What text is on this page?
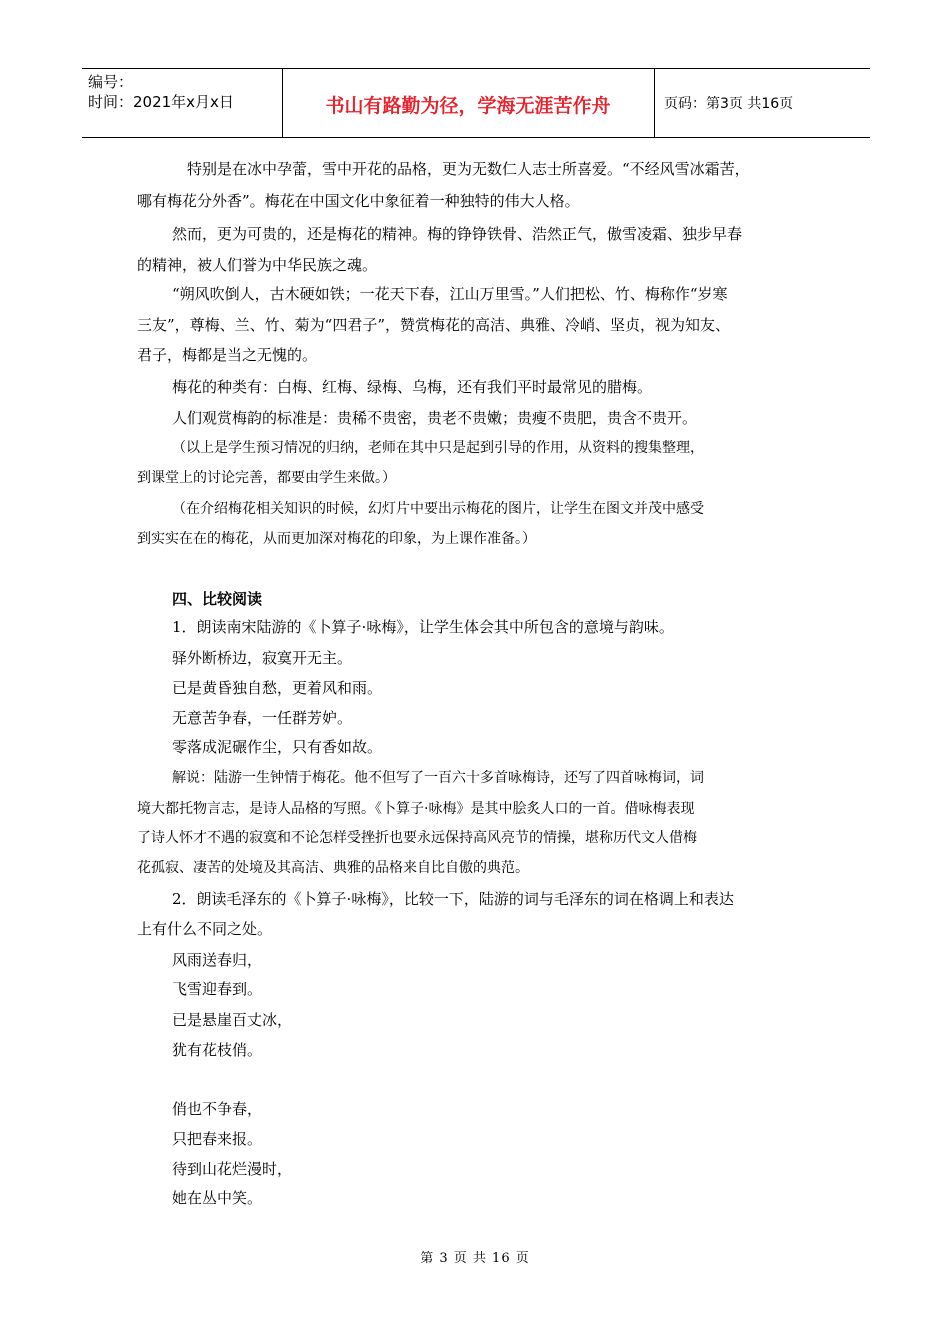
编号：
时间：2021年x月x日	书山有路勤为径，学海无涯苦作舟	页码：第3页 共16页
特别是在冰中孕蕾，雪中开花的品格，更为无数仁人志士所喜爱。“不经风雪冰霜苦，
哪有梅花分外香”。梅花在中国文化中象征着一种独特的伟大人格。
然而，更为可贵的，还是梅花的精神。梅的铮铮铁骨、浩然正气，傲雪凌霜、独步早春
的精神，被人们誉为中华民族之魂。
“朔风吹倒人，古木硬如铁；一花天下春，江山万里雪。”人们把松、竹、梅称作“岁寒
三友”，尊梅、兰、竹、菊为“四君子”，赞赏梅花的高洁、典雅、冷峭、坚贞，视为知友、
君子，梅都是当之无愧的。
梅花的种类有：白梅、红梅、绿梅、乌梅，还有我们平时最常见的腊梅。
人们观赏梅韵的标准是：贵稀不贵密，贵老不贵嫩；贵瘦不贵肥，贵含不贵开。
（以上是学生预习情况的归纳，老师在其中只是起到引导的作用，从资料的搜集整理，
到课堂上的讨论完善，都要由学生来做。）
（在介绍梅花相关知识的时候，幻灯片中要出示梅花的图片，让学生在图文并茂中感受
到实实在在的梅花，从而更加深对梅花的印象，为上课作准备。）
四、比较阅读
1．朗读南宋陆游的《卜算子·咏梅》，让学生体会其中所包含的意境与韵味。
驿外断桥边，寂寞开无主。
已是黄昏独自愁，更着风和雨。
无意苦争春，一任群芳妒。
零落成泥碾作尘，只有香如故。
解说：陆游一生钟情于梅花。他不但写了一百六十多首咏梅诗，还写了四首咏梅词，词
境大都托物言志，是诗人品格的写照。《卜算子·咏梅》是其中脍炙人口的一首。借咏梅表现
了诗人怀才不遇的寂寞和不论怎样受挫折也要永远保持高风亮节的情操，堪称历代文人借梅
花孤寂、凄苦的处境及其高洁、典雅的品格来自比自傲的典范。
2．朗读毛泽东的《卜算子·咏梅》，比较一下，陆游的词与毛泽东的词在格调上和表达
上有什么不同之处。
风雨送春归，
飞雪迎春到。
已是悬崖百丈冰，
犹有花枝俏。
俏也不争春，
只把春来报。
待到山花烂漫时，
她在丛中笑。
第 3 页 共 16 页
